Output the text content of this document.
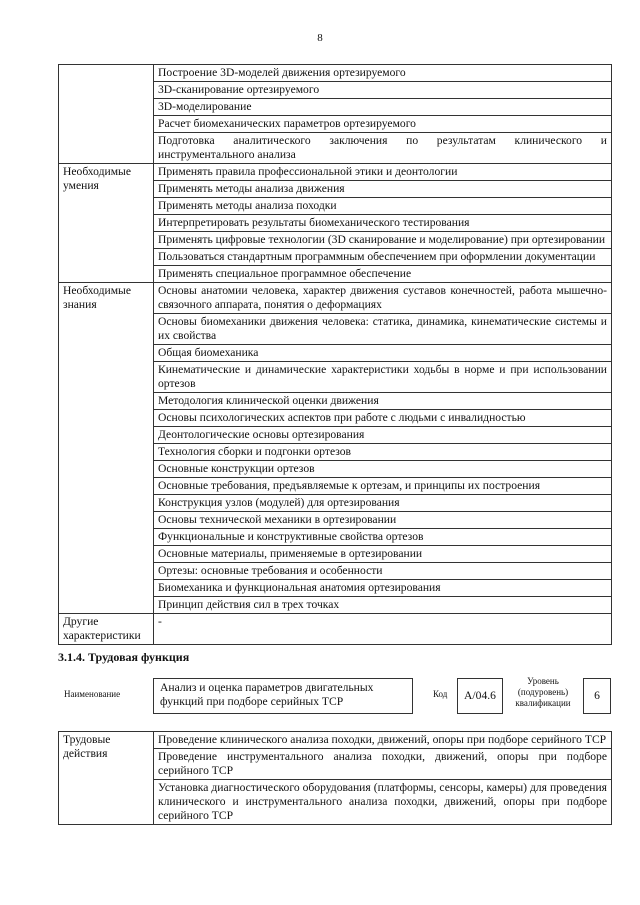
8
	Построение 3D-моделей движения ортезируемого
	3D-сканирование ортезируемого
	3D-моделирование
	Расчет биомеханических параметров ортезируемого
	Подготовка аналитического заключения по результатам клинического и инструментального анализа
Необходимые умения	Применять правила профессиональной этики и деонтологии
	Применять методы анализа движения
	Применять методы анализа походки
	Интерпретировать результаты биомеханического тестирования
	Применять цифровые технологии (3D сканирование и моделирование) при ортезировании
	Пользоваться стандартным программным обеспечением при оформлении документации
	Применять специальное программное обеспечение
Необходимые знания	Основы анатомии человека, характер движения суставов конечностей, работа мышечно-связочного аппарата, понятия о деформациях
	Основы биомеханики движения человека: статика, динамика, кинематические системы и их свойства
	Общая биомеханика
	Кинематические и динамические характеристики ходьбы в норме и при использовании ортезов
	Методология клинической оценки движения
	Основы психологических аспектов при работе с людьми с инвалидностью
	Деонтологические основы ортезирования
	Технология сборки и подгонки ортезов
	Основные конструкции ортезов
	Основные требования, предъявляемые к ортезам, и принципы их построения
	Конструкция узлов (модулей) для ортезирования
	Основы технической механики в ортезировании
	Функциональные и конструктивные свойства ортезов
	Основные материалы, применяемые в ортезировании
	Ортезы: основные требования и особенности
	Биомеханика и функциональная анатомия ортезирования
	Принцип действия сил в трех точках
Другие характеристики	-
3.1.4. Трудовая функция
Наименование	Анализ и оценка параметров двигательных функций при подборе серийных ТСР
Код	A/04.6
Уровень (подуровень) квалификации
6
Трудовые действия	Проведение клинического анализа походки, движений, опоры при подборе серийного ТСР
Проведение инструментального анализа походки, движений, опоры при подборе серийного ТСР
Установка диагностического оборудования (платформы, сенсоры, камеры) для проведения клинического и инструментального анализа походки, движений, опоры при подборе серийного ТСР
